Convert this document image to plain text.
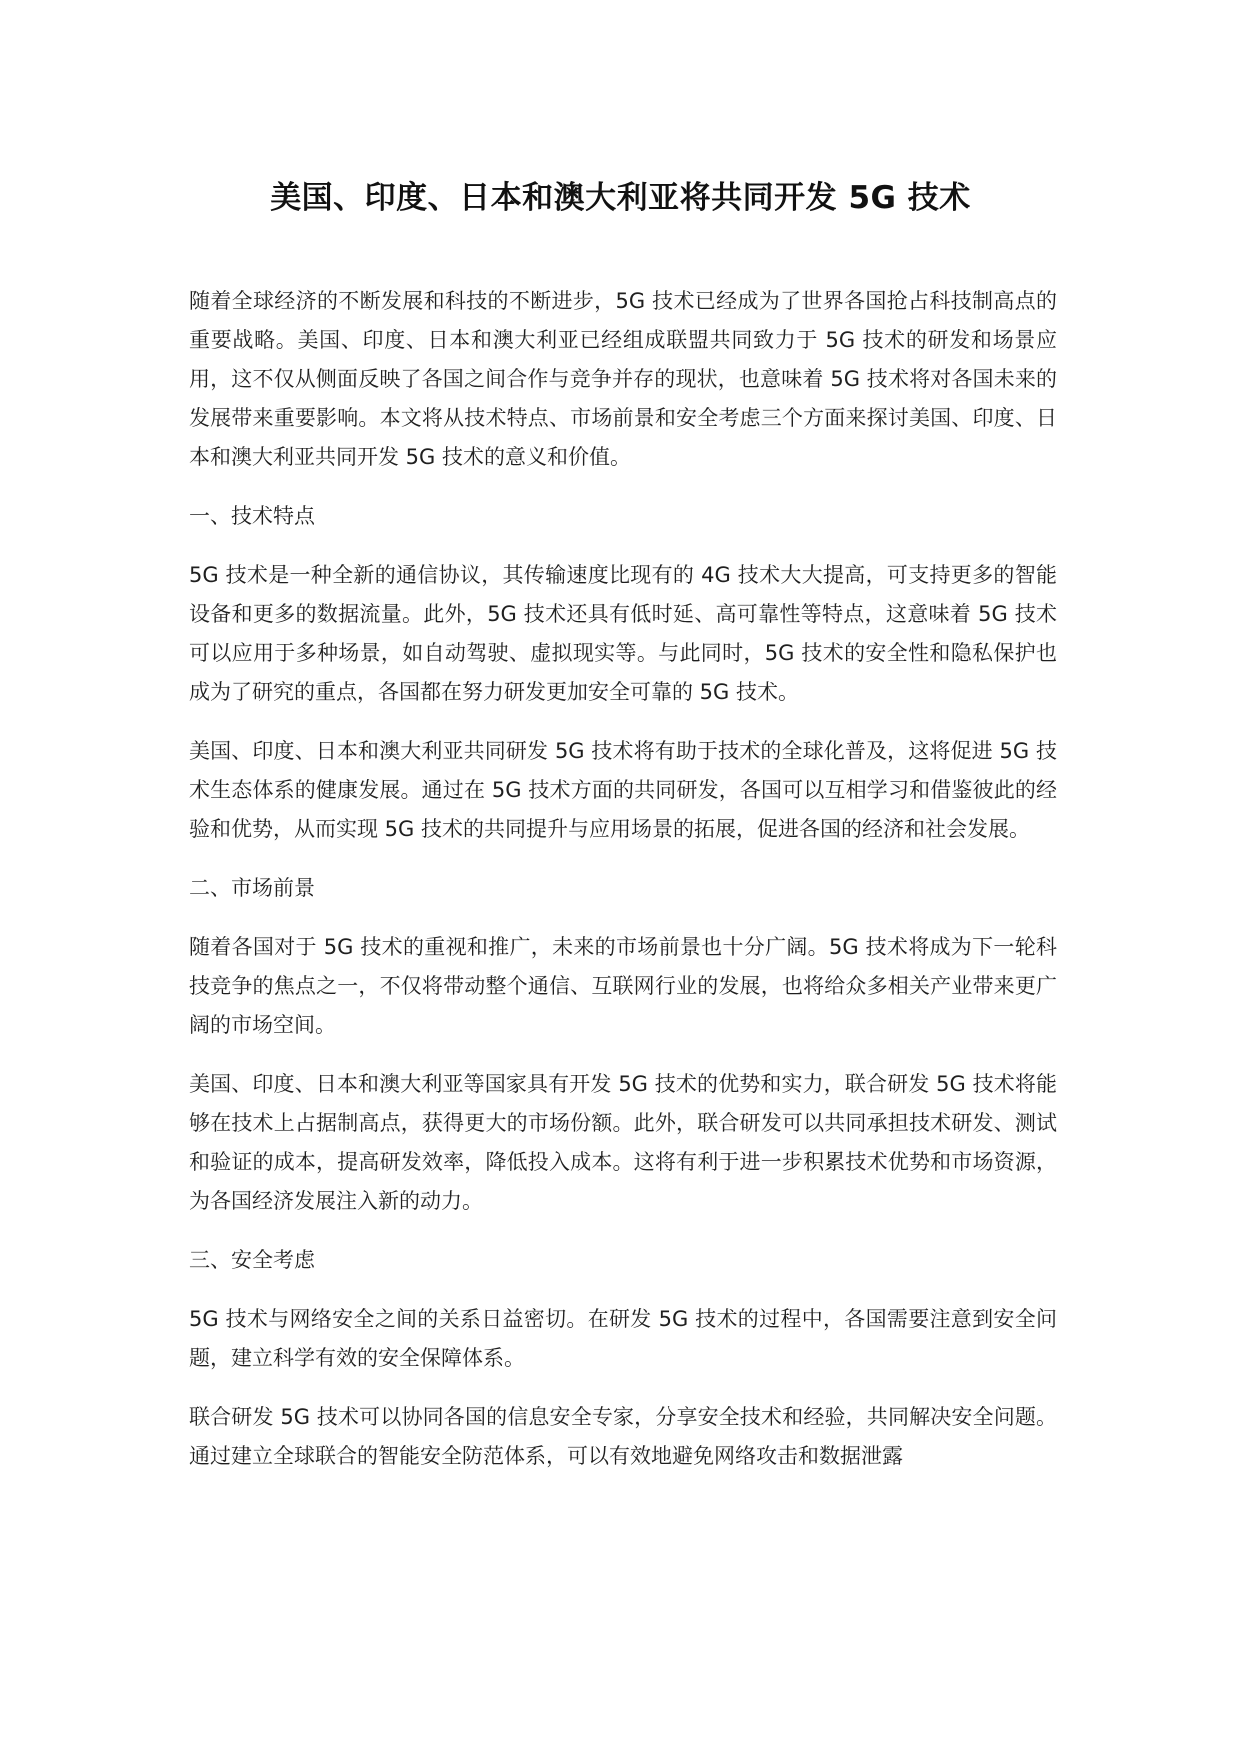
美国、印度、日本和澳大利亚将共同开发 5G 技术

随着全球经济的不断发展和科技的不断进步，5G 技术已经成为了世界各国抢占科技制高点的重要战略。美国、印度、日本和澳大利亚已经组成联盟共同致力于 5G 技术的研发和场景应用，这不仅从侧面反映了各国之间合作与竞争并存的现状，也意味着 5G 技术将对各国未来的发展带来重要影响。本文将从技术特点、市场前景和安全考虑三个方面来探讨美国、印度、日本和澳大利亚共同开发 5G 技术的意义和价值。

一、技术特点

5G 技术是一种全新的通信协议，其传输速度比现有的 4G 技术大大提高，可支持更多的智能设备和更多的数据流量。此外，5G 技术还具有低时延、高可靠性等特点，这意味着 5G 技术可以应用于多种场景，如自动驾驶、虚拟现实等。与此同时，5G 技术的安全性和隐私保护也成为了研究的重点，各国都在努力研发更加安全可靠的 5G 技术。

美国、印度、日本和澳大利亚共同研发 5G 技术将有助于技术的全球化普及，这将促进 5G 技术生态体系的健康发展。通过在 5G 技术方面的共同研发，各国可以互相学习和借鉴彼此的经验和优势，从而实现 5G 技术的共同提升与应用场景的拓展，促进各国的经济和社会发展。

二、市场前景

随着各国对于 5G 技术的重视和推广，未来的市场前景也十分广阔。5G 技术将成为下一轮科技竞争的焦点之一，不仅将带动整个通信、互联网行业的发展，也将给众多相关产业带来更广阔的市场空间。

美国、印度、日本和澳大利亚等国家具有开发 5G 技术的优势和实力，联合研发 5G 技术将能够在技术上占据制高点，获得更大的市场份额。此外，联合研发可以共同承担技术研发、测试和验证的成本，提高研发效率，降低投入成本。这将有利于进一步积累技术优势和市场资源，为各国经济发展注入新的动力。

三、安全考虑

5G 技术与网络安全之间的关系日益密切。在研发 5G 技术的过程中，各国需要注意到安全问题，建立科学有效的安全保障体系。

联合研发 5G 技术可以协同各国的信息安全专家，分享安全技术和经验，共同解决安全问题。通过建立全球联合的智能安全防范体系，可以有效地避免网络攻击和数据泄露
